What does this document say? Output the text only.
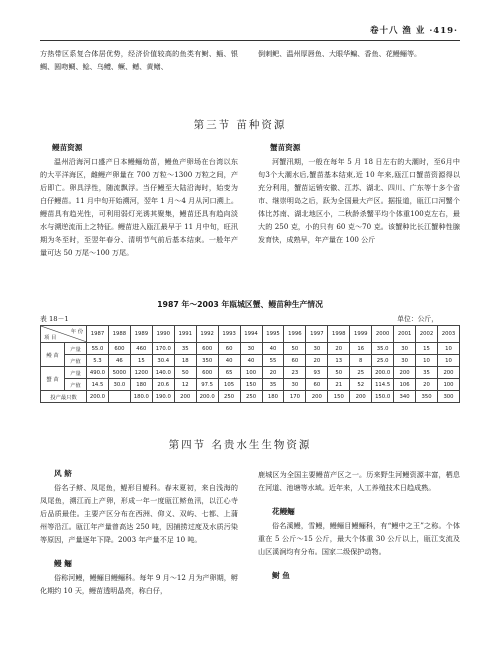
卷十八 渔 业 ·419·
方热带区系复合体居优势，经济价值较高的鱼类有鲥、鲻、银鲷、圆吻鲷、鲶、乌鳢、鳜、鳡、黄鳝、
倒刺鲃、温州厚唇鱼、大眼华鳊、香鱼、花鳗鲡等。
第三节 苗种资源
鳗苗资源
温州沿海河口盛产日本鳗鲡幼苗，鳗鱼产卵场在台湾以东的大平洋海区，雌鳗产卵量在 700 万粒～1300 万粒之间，产后即亡。卵具浮性，随流飘浮。当仔鳗至大陆沿海时，始变为白仔鳗苗。11 月中旬开始溯河，翌年 1 月～4 月从河口溯上。鳗苗具有趋光性，可利用弱灯光诱其聚集，鳗苗还具有趋向淡水与溯逆流而上之特征。鳗苗进入瓯江最早于 11 月中旬，旺汛期为冬至时，至翌年春分、清明节气前后基本结束。一般年产量可达 50 万尾～100 万尾。
蟹苗资源
河蟹汛期，一般在每年 5 月 18 日左右的大潮时，至6月中旬3个大潮水后,蟹苗基本结束,近 10 年来,瓯江口蟹苗资源得以充分利用，蟹苗运销安徽、江苏、湖北、四川、广东等十多个省市、继崇明岛之后，跃为全国最大产区。据报道，瓯江口河蟹个体比苏南、湖北地区小，二秋龄杀蟹平均个体重100克左右，最大的 250 克，小的只有 60 克～70 克。该蟹种比长江蟹种性腺发育快，成熟早，年产量在 100 公斤
1987 年～2003 年瓯城区蟹、鳗苗种生产情况
表 18－1	单位：公斤，
年 份
项 目		1987	1988	1989	1990	1991	1992	1993	1994	1995	1996	1997	1998	1999	2000	2001	2002	2003
鳗 苗	产量	55.0	600	460	170.0	35	600	60	30	40	50	30	20	16	35.0	30	15	10
	产值	5.3	46	15	30.4	18	350	40	40	55	60	20	13	8	25.0	30	10	10
蟹 苗	产量	490.0	5000	1200	140.0	50	600	65	100	20	23	93	50	25	200.0	200	35	200
	产值	14.5	30.0	180	20.6	12	97.5	105	150	35	30	60	21	52	114.5	106	20	100
投产最只数		200.0		180.0	190.0	200	200.0	250	250	180	170	200	150	200	150.0	340	350	300
第四节 名贵水生生物资源
风 鲚
俗名子鲚、凤尾鱼，鳀形目鳀科。春末夏初，来自浅海的凤尾鱼，溯江而上产卵，形成一年一度瓯江鲚鱼汛，以江心寺后品质最佳。主要产区分布在西洲、仰义、双屿、七都、上蒲州等沿江。瓯江年产量曾高达 250 吨，因捕捞过度及水质污染等原因，产量逐年下降。2003 年产量不足 10 吨。
鳗 鲡
俗称河鳗，鳗鲡目鳗鲡科。每年 9 月～12 月为产卵期，孵化期约 10 天，鳗苗透明晶亮，称白仔，
鹿城区为全国主要鳗苗产区之一。历来野生河鳗资源丰富，栖息在河道、池塘等水域。近年来，人工养殖技术日趋成熟。
花鳗鲡
俗名溪鳗，雪鳗，鳗鲡目鳗鲡科，有“鳗中之王”之称。个体重在 5 公斤～15 公斤，最大个体重 30 公斤以上，瓯江支流及山区溪涧均有分布。国家二级保护动物。
鲥 鱼
